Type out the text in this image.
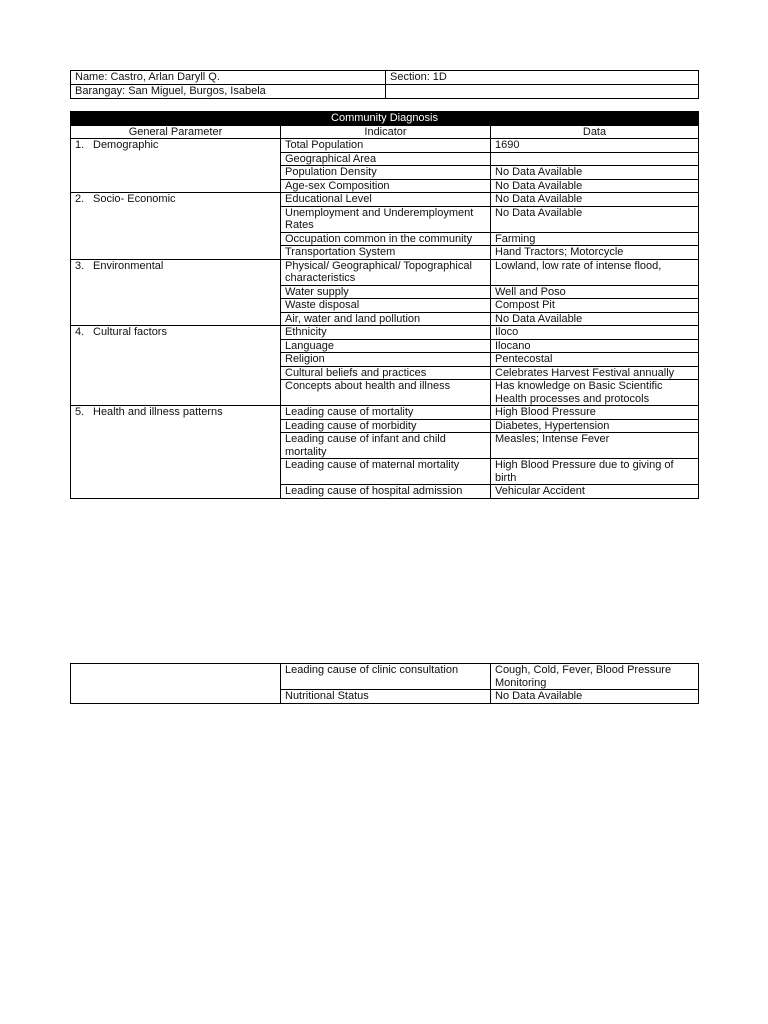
Name: Castro, Arlan Daryll Q.	Section: 1D
Barangay: San Miguel, Burgos, Isabela	
Community Diagnosis		
General Parameter	Indicator	Data
1. Demographic	Total Population	1690
	Geographical Area	
	Population Density	No Data Available
	Age-sex Composition	No Data Available
2. Socio- Economic	Educational Level	No Data Available
	Unemployment and Underemployment Rates	No Data Available
	Occupation common in the community	Farming
	Transportation System	Hand Tractors; Motorcycle
3. Environmental	Physical/ Geographical/ Topographical characteristics	Lowland, low rate of intense flood,
	Water supply	Well and Poso
	Waste disposal	Compost Pit
	Air, water and land pollution	No Data Available
4. Cultural factors	Ethnicity	Iloco
	Language	Ilocano
	Religion	Pentecostal
	Cultural beliefs and practices	Celebrates Harvest Festival annually
	Concepts about health and illness	Has knowledge on Basic Scientific Health processes and protocols
5. Health and illness patterns	Leading cause of mortality	High Blood Pressure
	Leading cause of morbidity	Diabetes, Hypertension
	Leading cause of infant and child mortality	Measles; Intense Fever
	Leading cause of maternal mortality	High Blood Pressure due to giving of birth
	Leading cause of hospital admission	Vehicular Accident
	Leading cause of clinic consultation	Cough, Cold, Fever, Blood Pressure Monitoring
	Nutritional Status	No Data Available
